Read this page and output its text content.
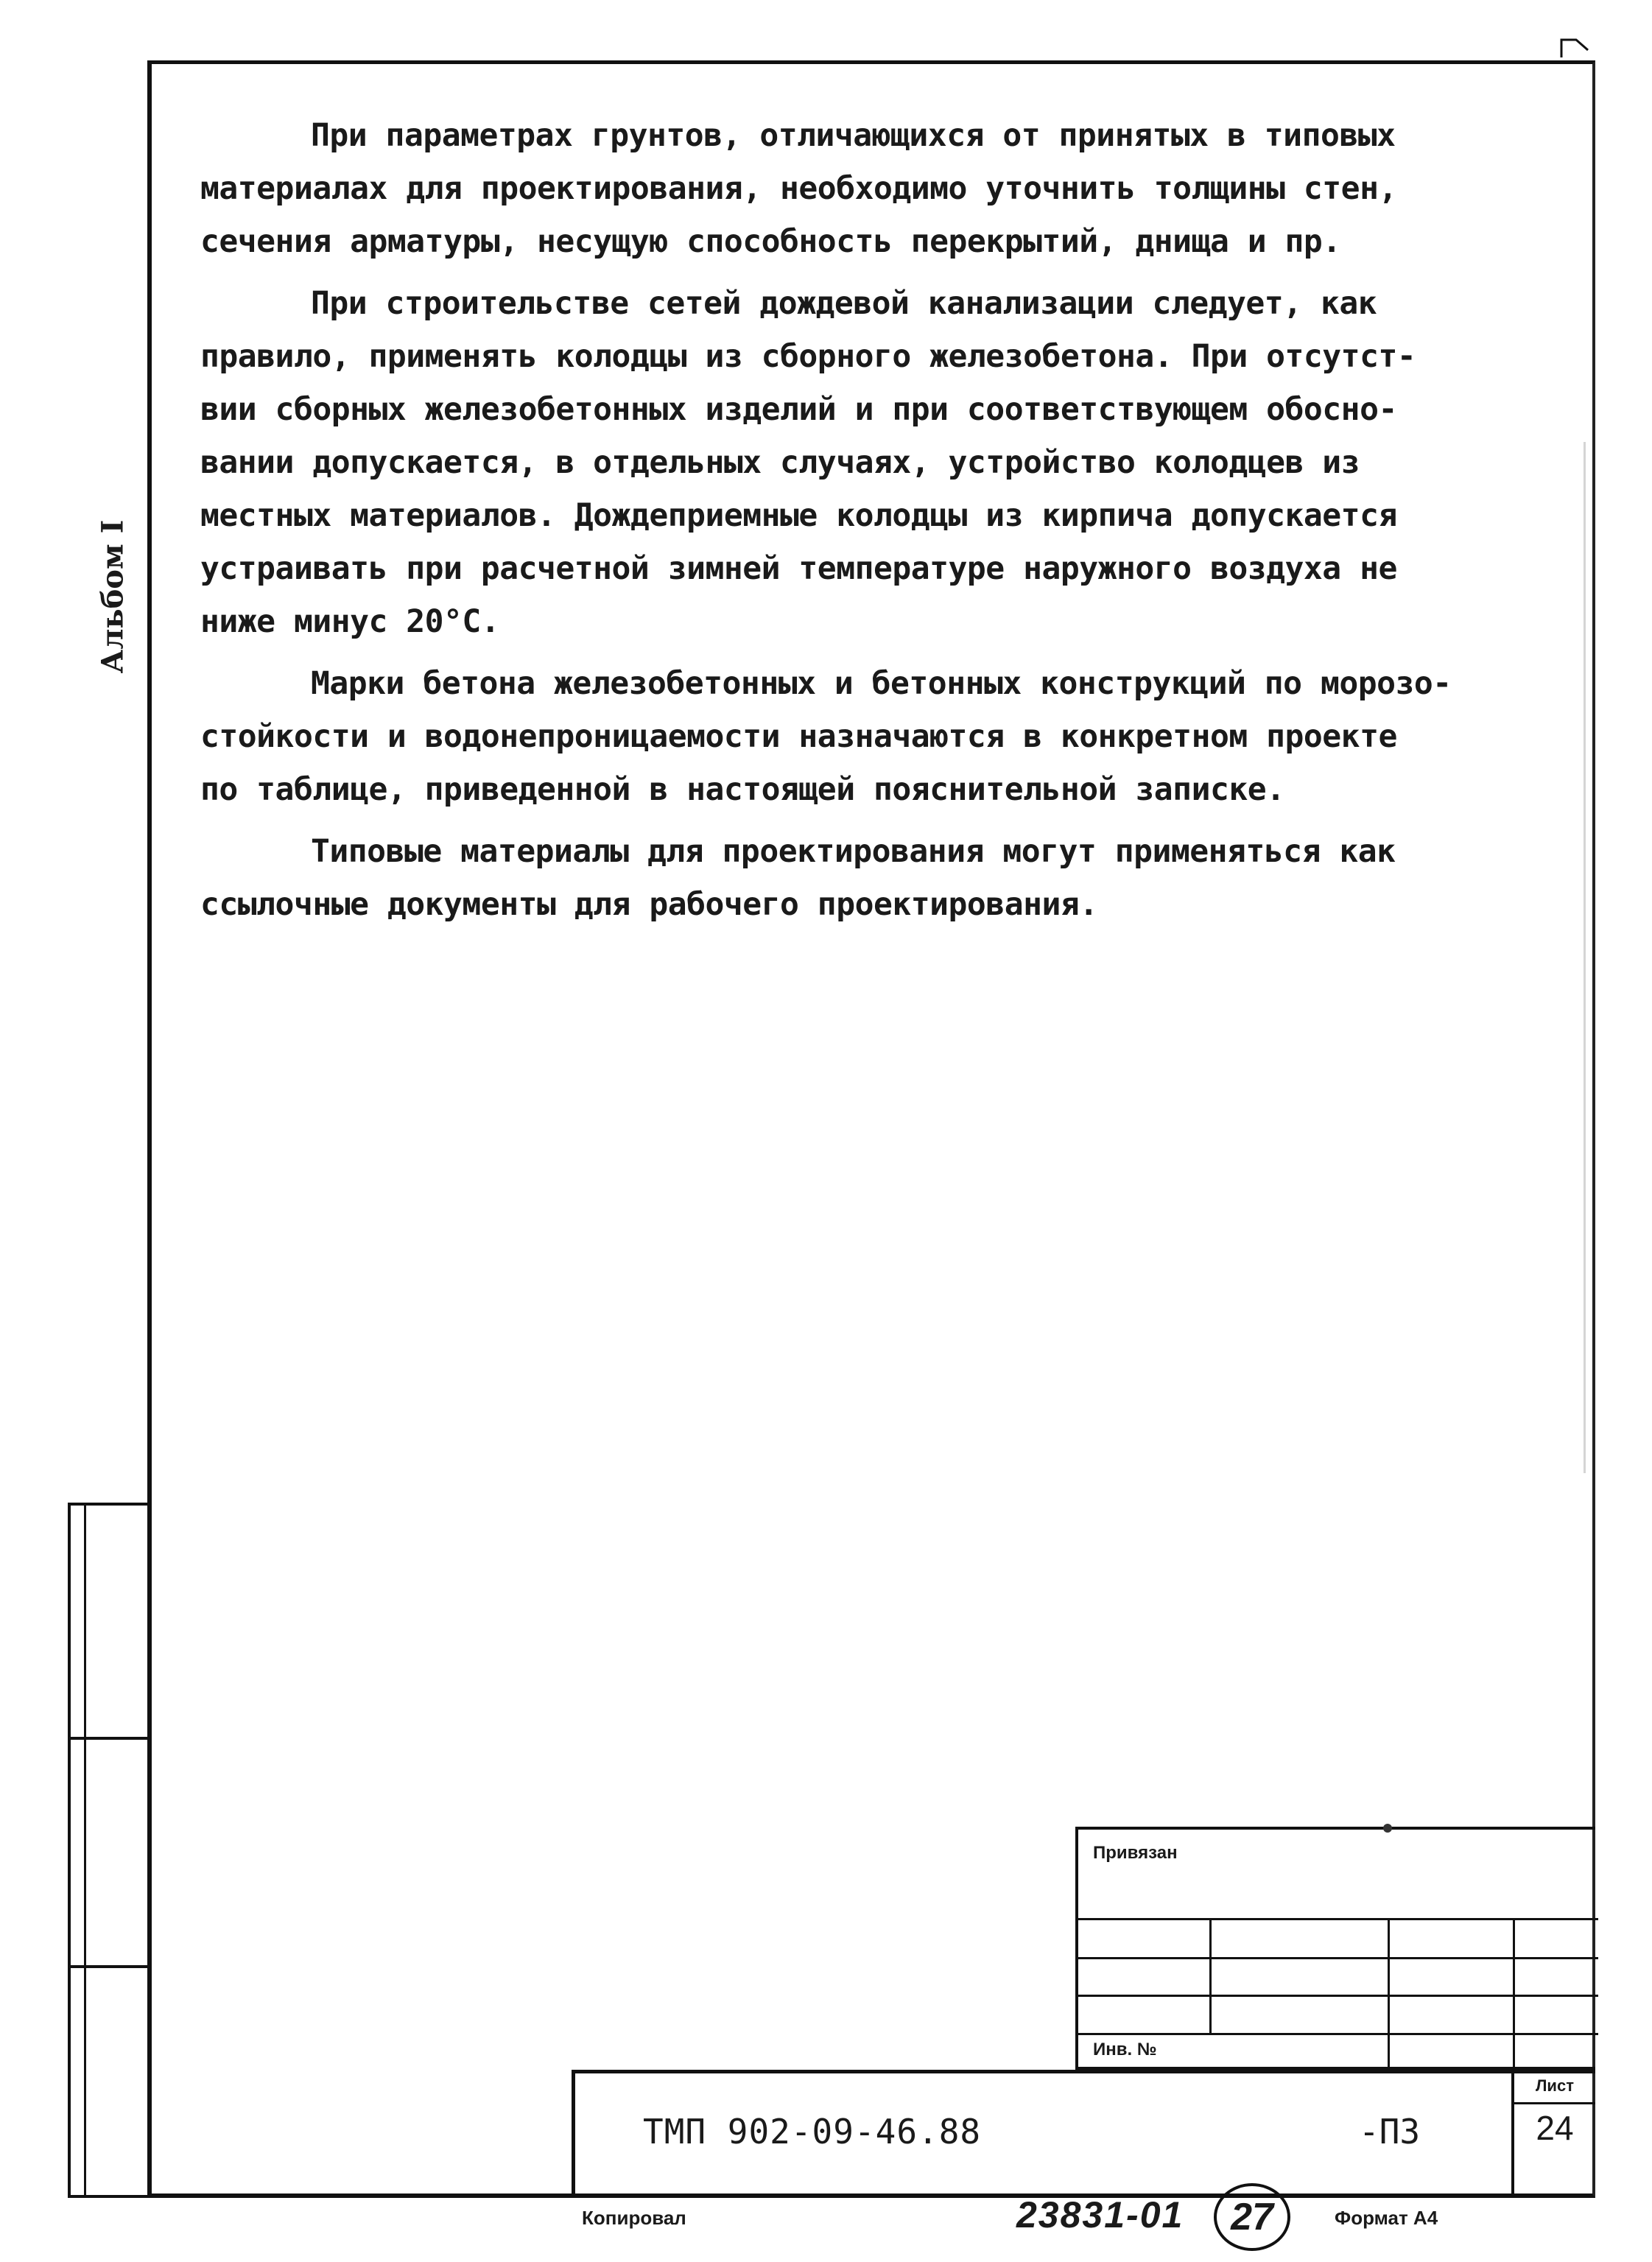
Альбом I

При параметрах грунтов, отличающихся от принятых в типовых
материалах для проектирования, необходимо уточнить толщины стен,
сечения арматуры, несущую способность перекрытий, днища и пр.

При строительстве сетей дождевой канализации следует, как
правило, применять колодцы из сборного железобетона. При отсутст-
вии сборных железобетонных изделий и при соответствующем обосно-
вании допускается, в отдельных случаях, устройство колодцев из
местных материалов. Дождеприемные колодцы из кирпича допускается
устраивать при расчетной зимней температуре наружного воздуха не
ниже минус 20°С.

Марки бетона железобетонных и бетонных конструкций по морозо-
стойкости и водонепроницаемости назначаются в конкретном проекте
по таблице, приведенной в настоящей пояснительной записке.

Типовые материалы для проектирования могут применяться как
ссылочные документы для рабочего проектирования.

Привязан
Инв. №
ТМП 902-09-46.88	-ПЗ
Лист
24
Копировал	23831-01	27	Формат А4
